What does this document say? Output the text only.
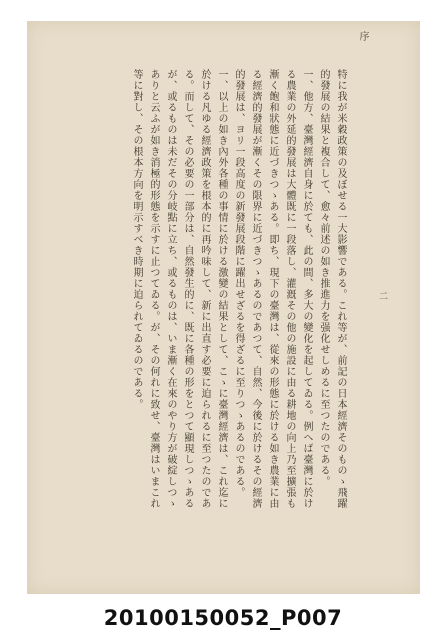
序
二
特に我が米穀政策の及ぼせる一大影響である。これ等が、前記の日本經濟そのものゝ飛躍的發展の結果と複合して、愈々前述の如き推進力を强化せしめるに至つたのである。
一、他方、臺灣經濟自身に於ても、此の間、多大の變化を起してゐる。例へば臺灣に於ける農業の外延的發展は大體既に一段落し、灌漑その他の施設に由る耕地の向上乃至擴張も漸く飽和狀態に近づきつゝある。即ち、現下の臺灣は、從來の形態に於ける如き農業に由る經濟的發展が漸くその限界に近づきつゝあるのであつて、自然、今後に於けるその經濟的發展は、ヨリ一段高度の新發展段階に躍出せざるを得ざるに至りつゝあるのである。
一、以上の如き內外各種の事情に於ける激變の結果として、こゝに臺灣經濟は、これ迄に於ける凡ゆる經濟政策を根本的に再吟味して、新に出直す必要に迫られるに至つたのである。而して、その必要の一部分は、自然發生的に、既に各種の形をとつて顯現しつゝあるが、或るものは未だその分岐點に立ち、或るものは、いま漸く在來のやり方が破綻しつゝありと云ふが如き消極的形態を示すに止つてゐる。が、その何れに致せ、臺灣はいまこれ等に對し、その根本方向を明示すべき時期に迫られてゐるのである。
20100150052_P007
